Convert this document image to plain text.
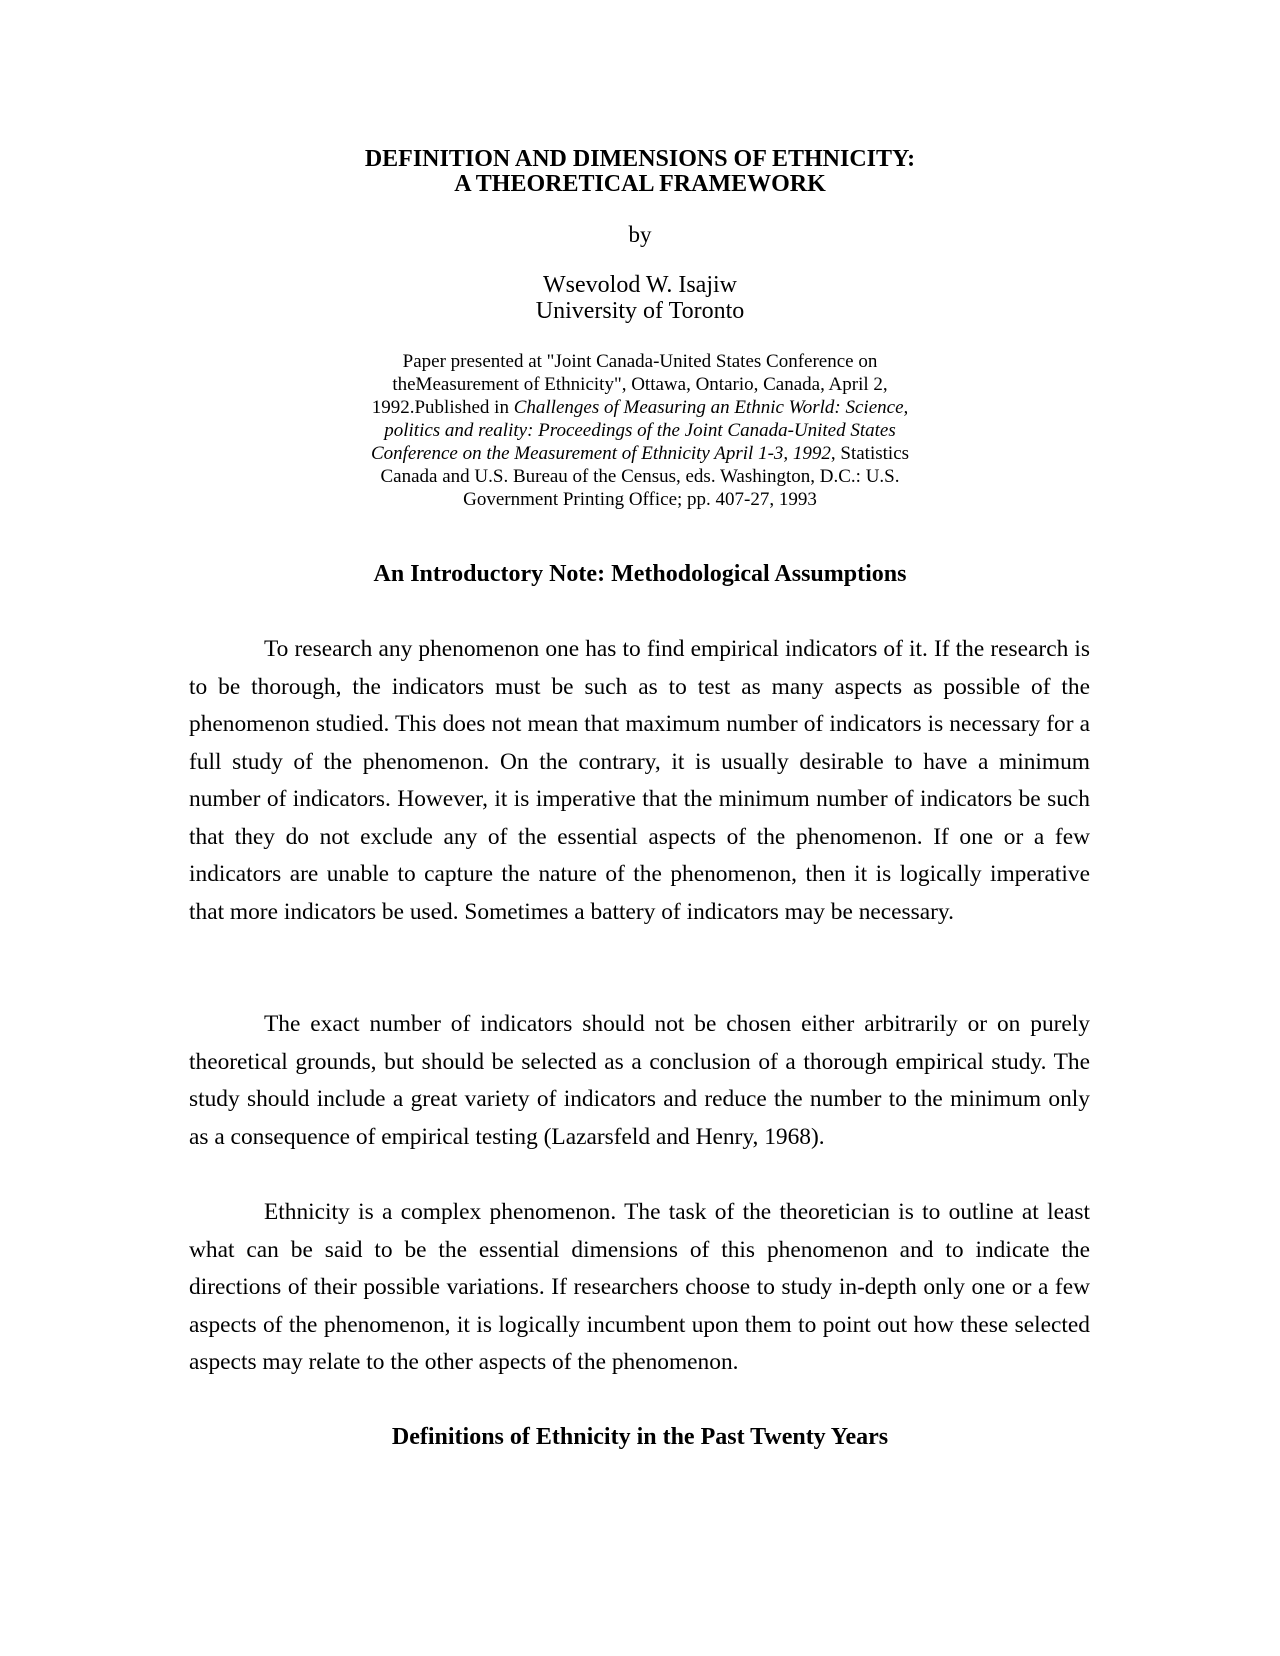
DEFINITION AND DIMENSIONS OF ETHNICITY:

A THEORETICAL FRAMEWORK

by

Wsevolod W. Isajiw

University of Toronto

Paper presented at "Joint Canada-United States Conference on

theMeasurement of Ethnicity", Ottawa, Ontario, Canada, April 2,

1992.Published in Challenges of Measuring an Ethnic World: Science,

politics and reality: Proceedings of the Joint Canada-United States

Conference on the Measurement of Ethnicity April 1-3, 1992, Statistics

Canada and U.S. Bureau of the Census, eds. Washington, D.C.: U.S.

Government Printing Office; pp. 407-27, 1993

An Introductory Note: Methodological Assumptions

To research any phenomenon one has to find empirical indicators of it. If the research is to be thorough, the indicators must be such as to test as many aspects as possible of the phenomenon studied. This does not mean that maximum number of indicators is necessary for a full study of the phenomenon. On the contrary, it is usually desirable to have a minimum number of indicators. However, it is imperative that the minimum number of indicators be such that they do not exclude any of the essential aspects of the phenomenon. If one or a few indicators are unable to capture the nature of the phenomenon, then it is logically imperative that more indicators be used. Sometimes a battery of indicators may be necessary.

The exact number of indicators should not be chosen either arbitrarily or on purely theoretical grounds, but should be selected as a conclusion of a thorough empirical study. The study should include a great variety of indicators and reduce the number to the minimum only as a consequence of empirical testing (Lazarsfeld and Henry, 1968).

Ethnicity is a complex phenomenon. The task of the theoretician is to outline at least what can be said to be the essential dimensions of this phenomenon and to indicate the directions of their possible variations. If researchers choose to study in-depth only one or a few aspects of the phenomenon, it is logically incumbent upon them to point out how these selected aspects may relate to the other aspects of the phenomenon.

Definitions of Ethnicity in the Past Twenty Years
